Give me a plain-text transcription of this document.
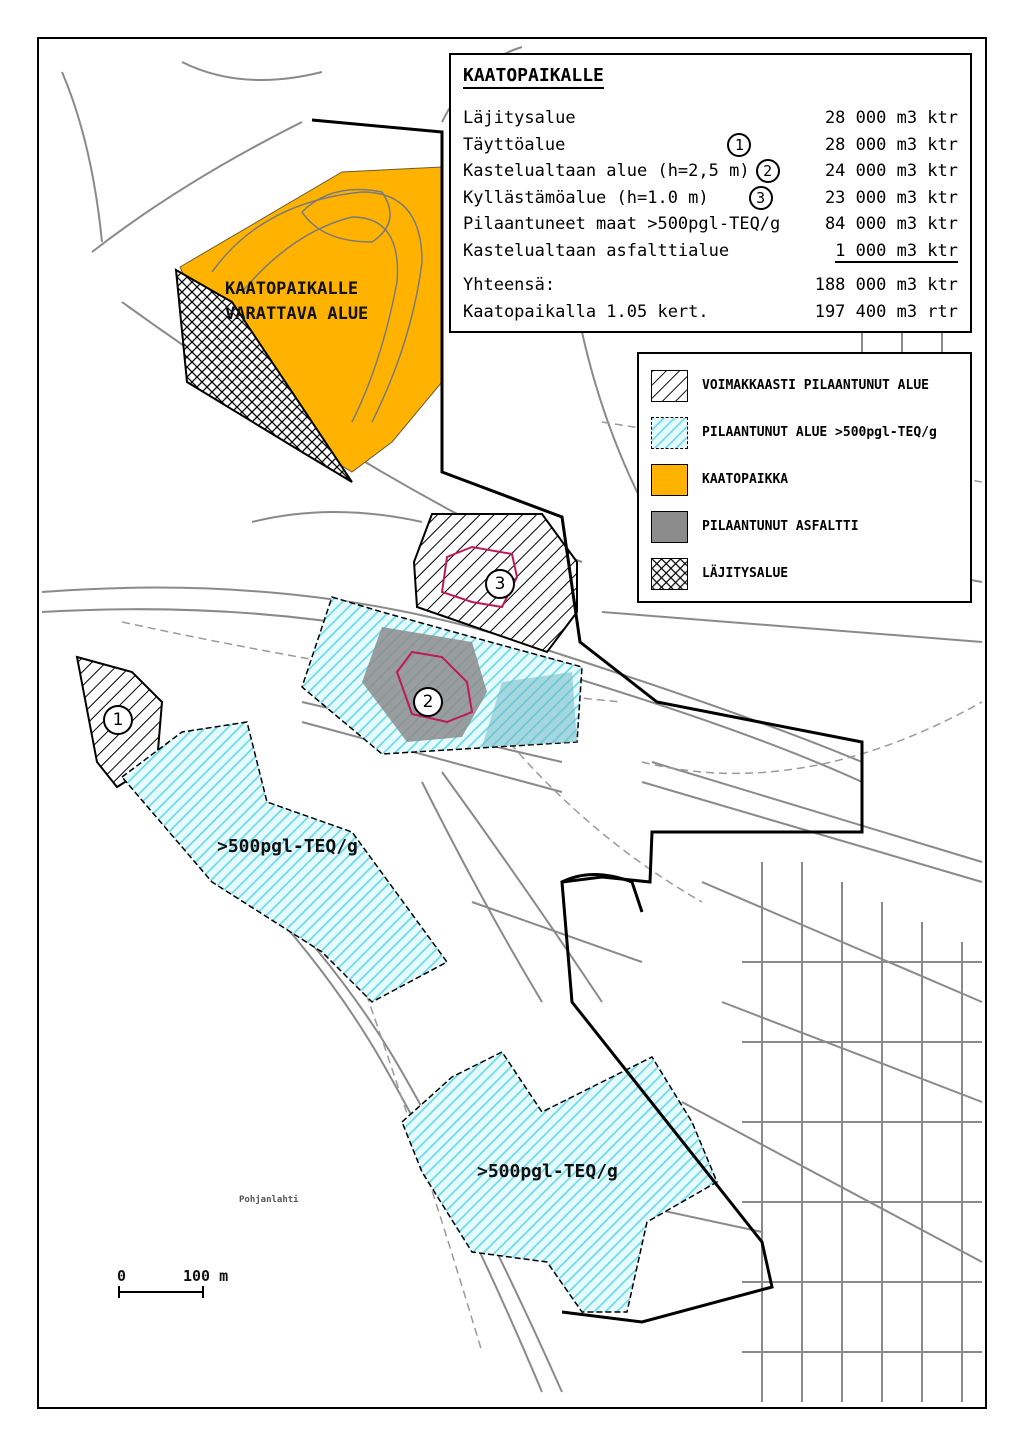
KAATOPAIKALLE
Läjitysalue	28 000 m3 ktr
Täyttöalue	1	28 000 m3 ktr
Kastelualtaan alue (h=2,5 m) 2	24 000 m3 ktr
Kyllästämöalue (h=1.0 m)	3	23 000 m3 ktr
Pilaantuneet maat >500pgl-TEQ/g	84 000 m3 ktr
Kastelualtaan asfalttialue	1 000 m3 ktr
Yhteensä:	188 000 m3 ktr
Kaatopaikalla 1.05 kert.	197 400 m3 rtr
VOIMAKKAASTI PILAANTUNUT ALUE
PILAANTUNUT ALUE >500pgl-TEQ/g
KAATOPAIKKA
PILAANTUNUT ASFALTTI
LÄJITYSALUE
KAATOPAIKALLE
VARATTAVA ALUE
>500pgl-TEQ/g
>500pgl-TEQ/g
Pohjanlahti
1
2
3
0	100 m
